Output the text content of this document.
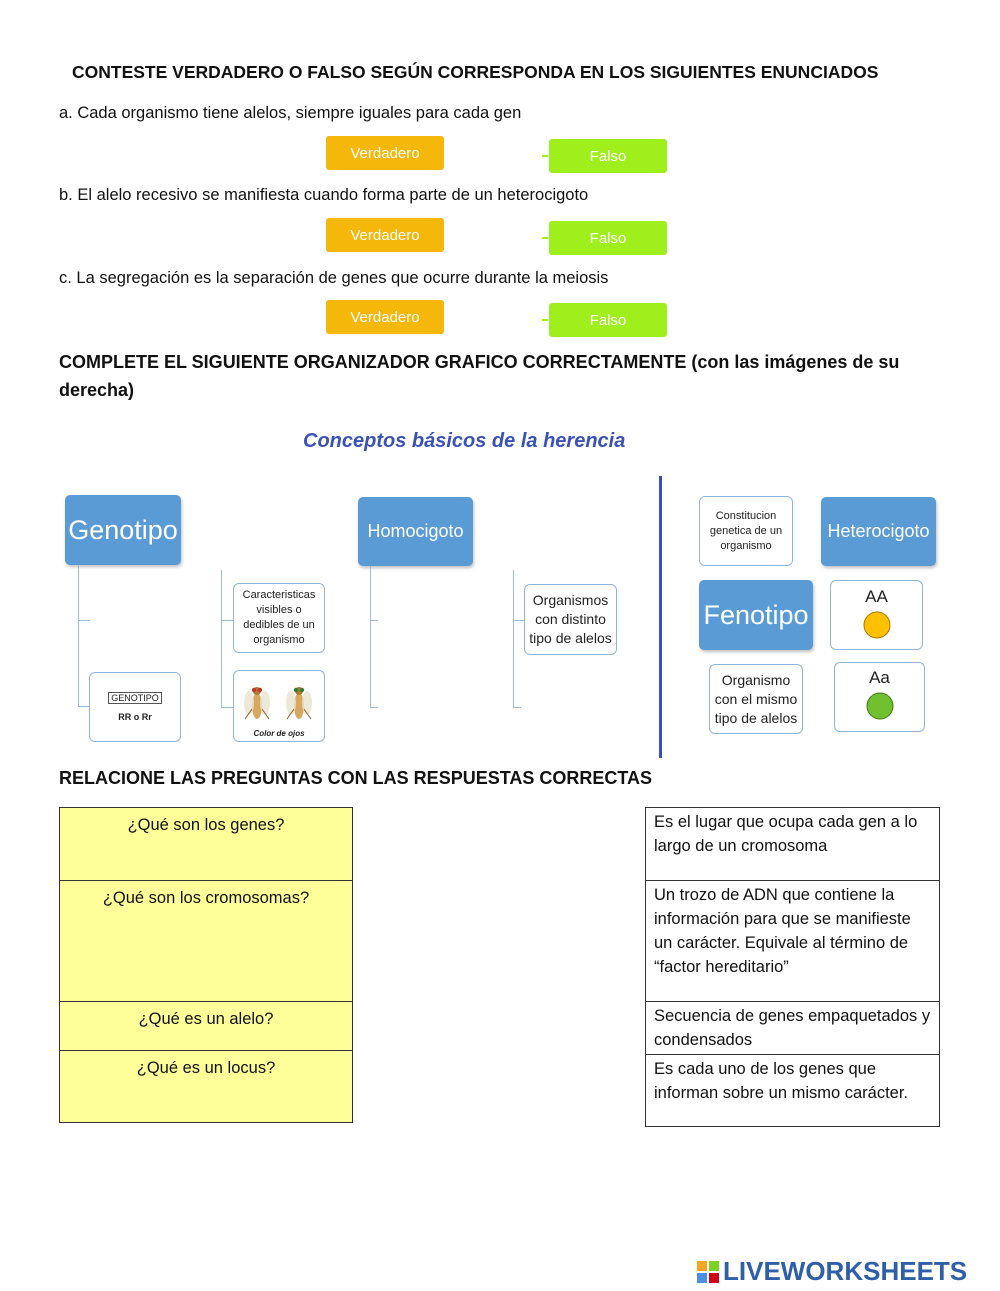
CONTESTE VERDADERO O FALSO SEGÚN CORRESPONDA EN LOS SIGUIENTES ENUNCIADOS
a. Cada organismo tiene alelos, siempre iguales para cada gen
Verdadero	Falso
b. El alelo recesivo se manifiesta cuando forma parte de un heterocigoto
Verdadero	Falso
c. La segregación es la separación de genes que ocurre durante la meiosis
Verdadero	Falso
COMPLETE EL SIGUIENTE ORGANIZADOR GRAFICO CORRECTAMENTE (con las imágenes de su
derecha)
Conceptos básicos de la herencia
Genotipo
GENOTIPO
RR o Rr
Caracteristicas visibles o dedibles de un organismo
Color de ojos
Homocigoto
Organismos con distinto tipo de alelos
Constitucion genetica de un organismo
Heterocigoto
Fenotipo
AA
Organismo con el mismo tipo de alelos
Aa
RELACIONE LAS PREGUNTAS CON LAS RESPUESTAS CORRECTAS
¿Qué son los genes?
¿Qué son los cromosomas?
¿Qué es un alelo?
¿Qué es un locus?
Es el lugar que ocupa cada gen a lo largo de un cromosoma
Un trozo de ADN que contiene la información para que se manifieste un carácter. Equivale al término de “factor hereditario”
Secuencia de genes empaquetados y condensados
Es cada uno de los genes que informan sobre un mismo carácter.
LIVEWORKSHEETS
